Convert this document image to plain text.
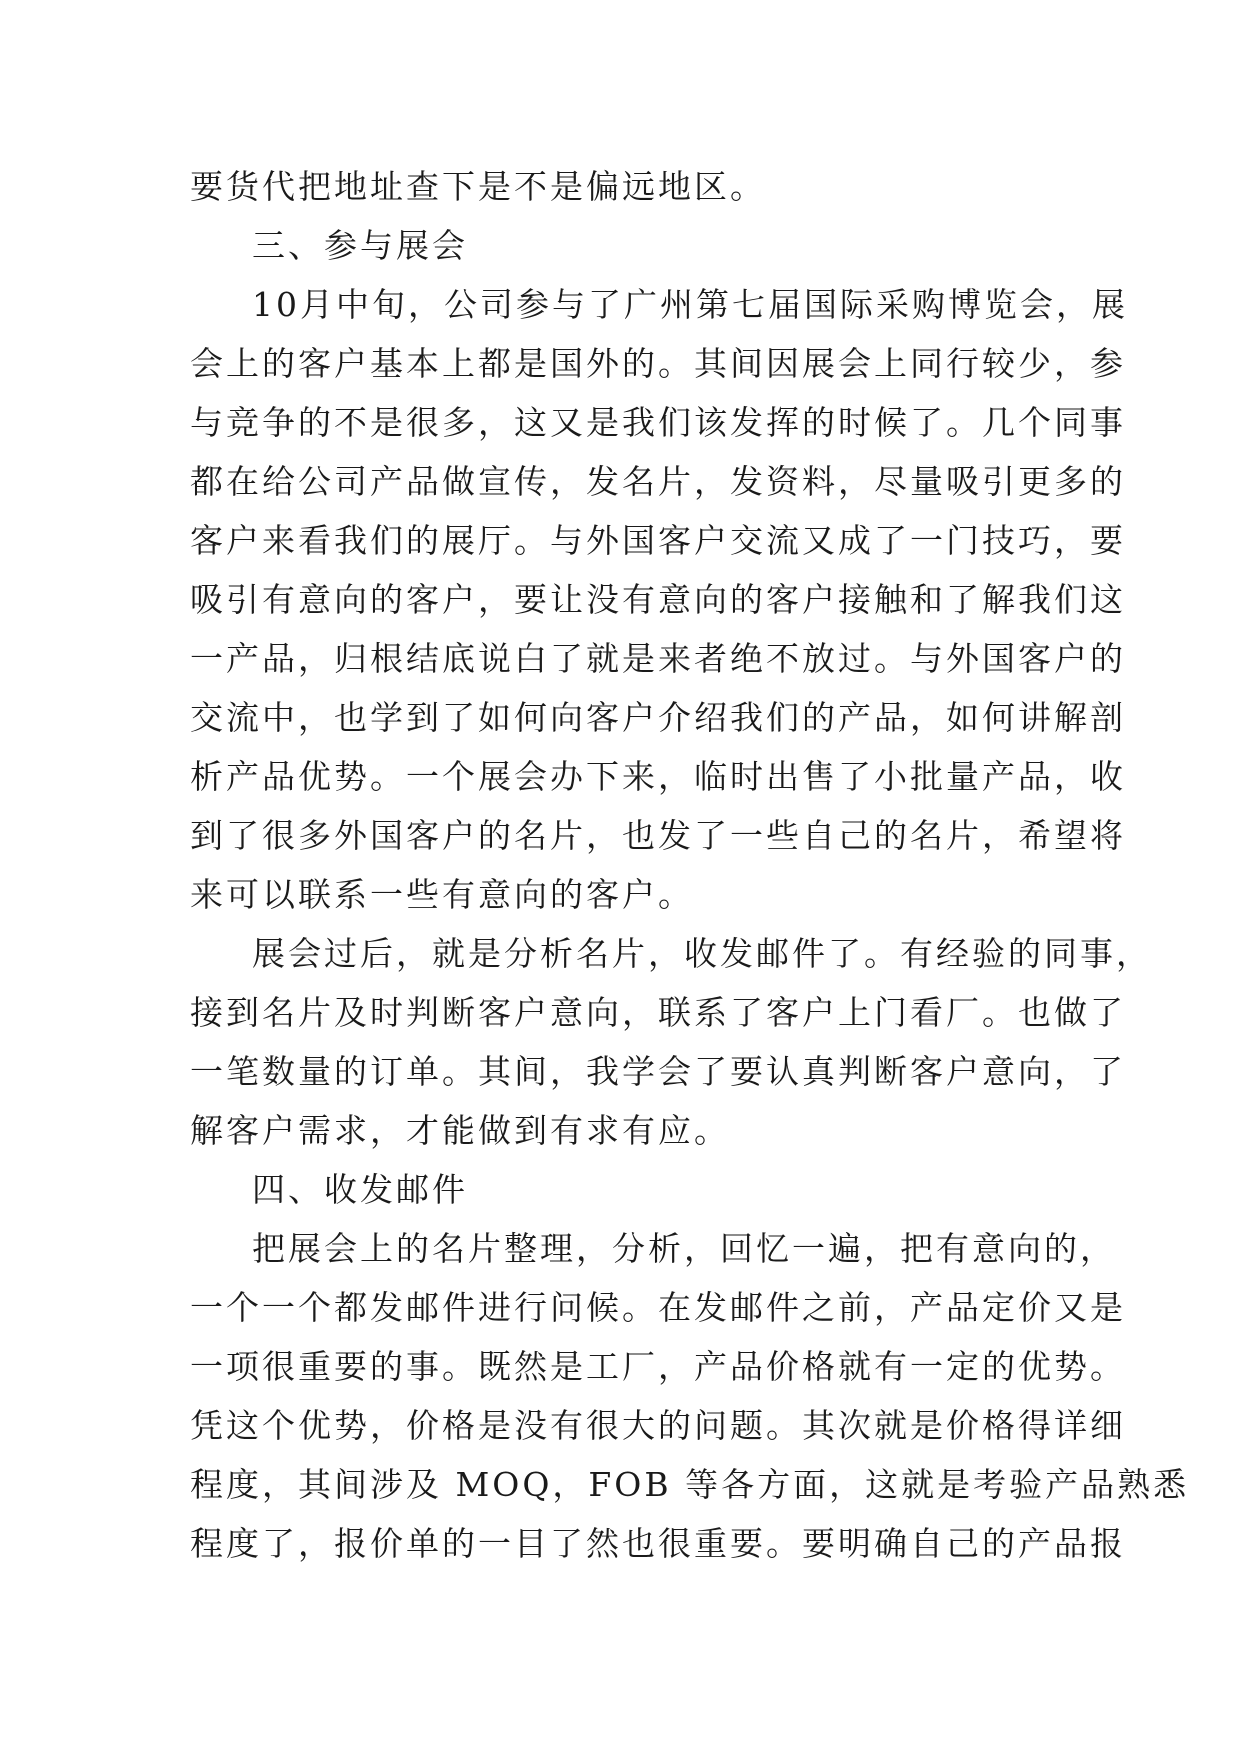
要货代把地址查下是不是偏远地区。
三、参与展会
10月中旬，公司参与了广州第七届国际采购博览会，展
会上的客户基本上都是国外的。其间因展会上同行较少，参
与竞争的不是很多，这又是我们该发挥的时候了。几个同事
都在给公司产品做宣传，发名片，发资料，尽量吸引更多的
客户来看我们的展厅。与外国客户交流又成了一门技巧，要
吸引有意向的客户，要让没有意向的客户接触和了解我们这
一产品，归根结底说白了就是来者绝不放过。与外国客户的
交流中，也学到了如何向客户介绍我们的产品，如何讲解剖
析产品优势。一个展会办下来，临时出售了小批量产品，收
到了很多外国客户的名片，也发了一些自己的名片，希望将
来可以联系一些有意向的客户。
展会过后，就是分析名片，收发邮件了。有经验的同事，
接到名片及时判断客户意向，联系了客户上门看厂。也做了
一笔数量的订单。其间，我学会了要认真判断客户意向，了
解客户需求，才能做到有求有应。
四、收发邮件
把展会上的名片整理，分析，回忆一遍，把有意向的，
一个一个都发邮件进行问候。在发邮件之前，产品定价又是
一项很重要的事。既然是工厂，产品价格就有一定的优势。
凭这个优势，价格是没有很大的问题。其次就是价格得详细
程度，其间涉及 MOQ，FOB 等各方面，这就是考验产品熟悉
程度了，报价单的一目了然也很重要。要明确自己的产品报
